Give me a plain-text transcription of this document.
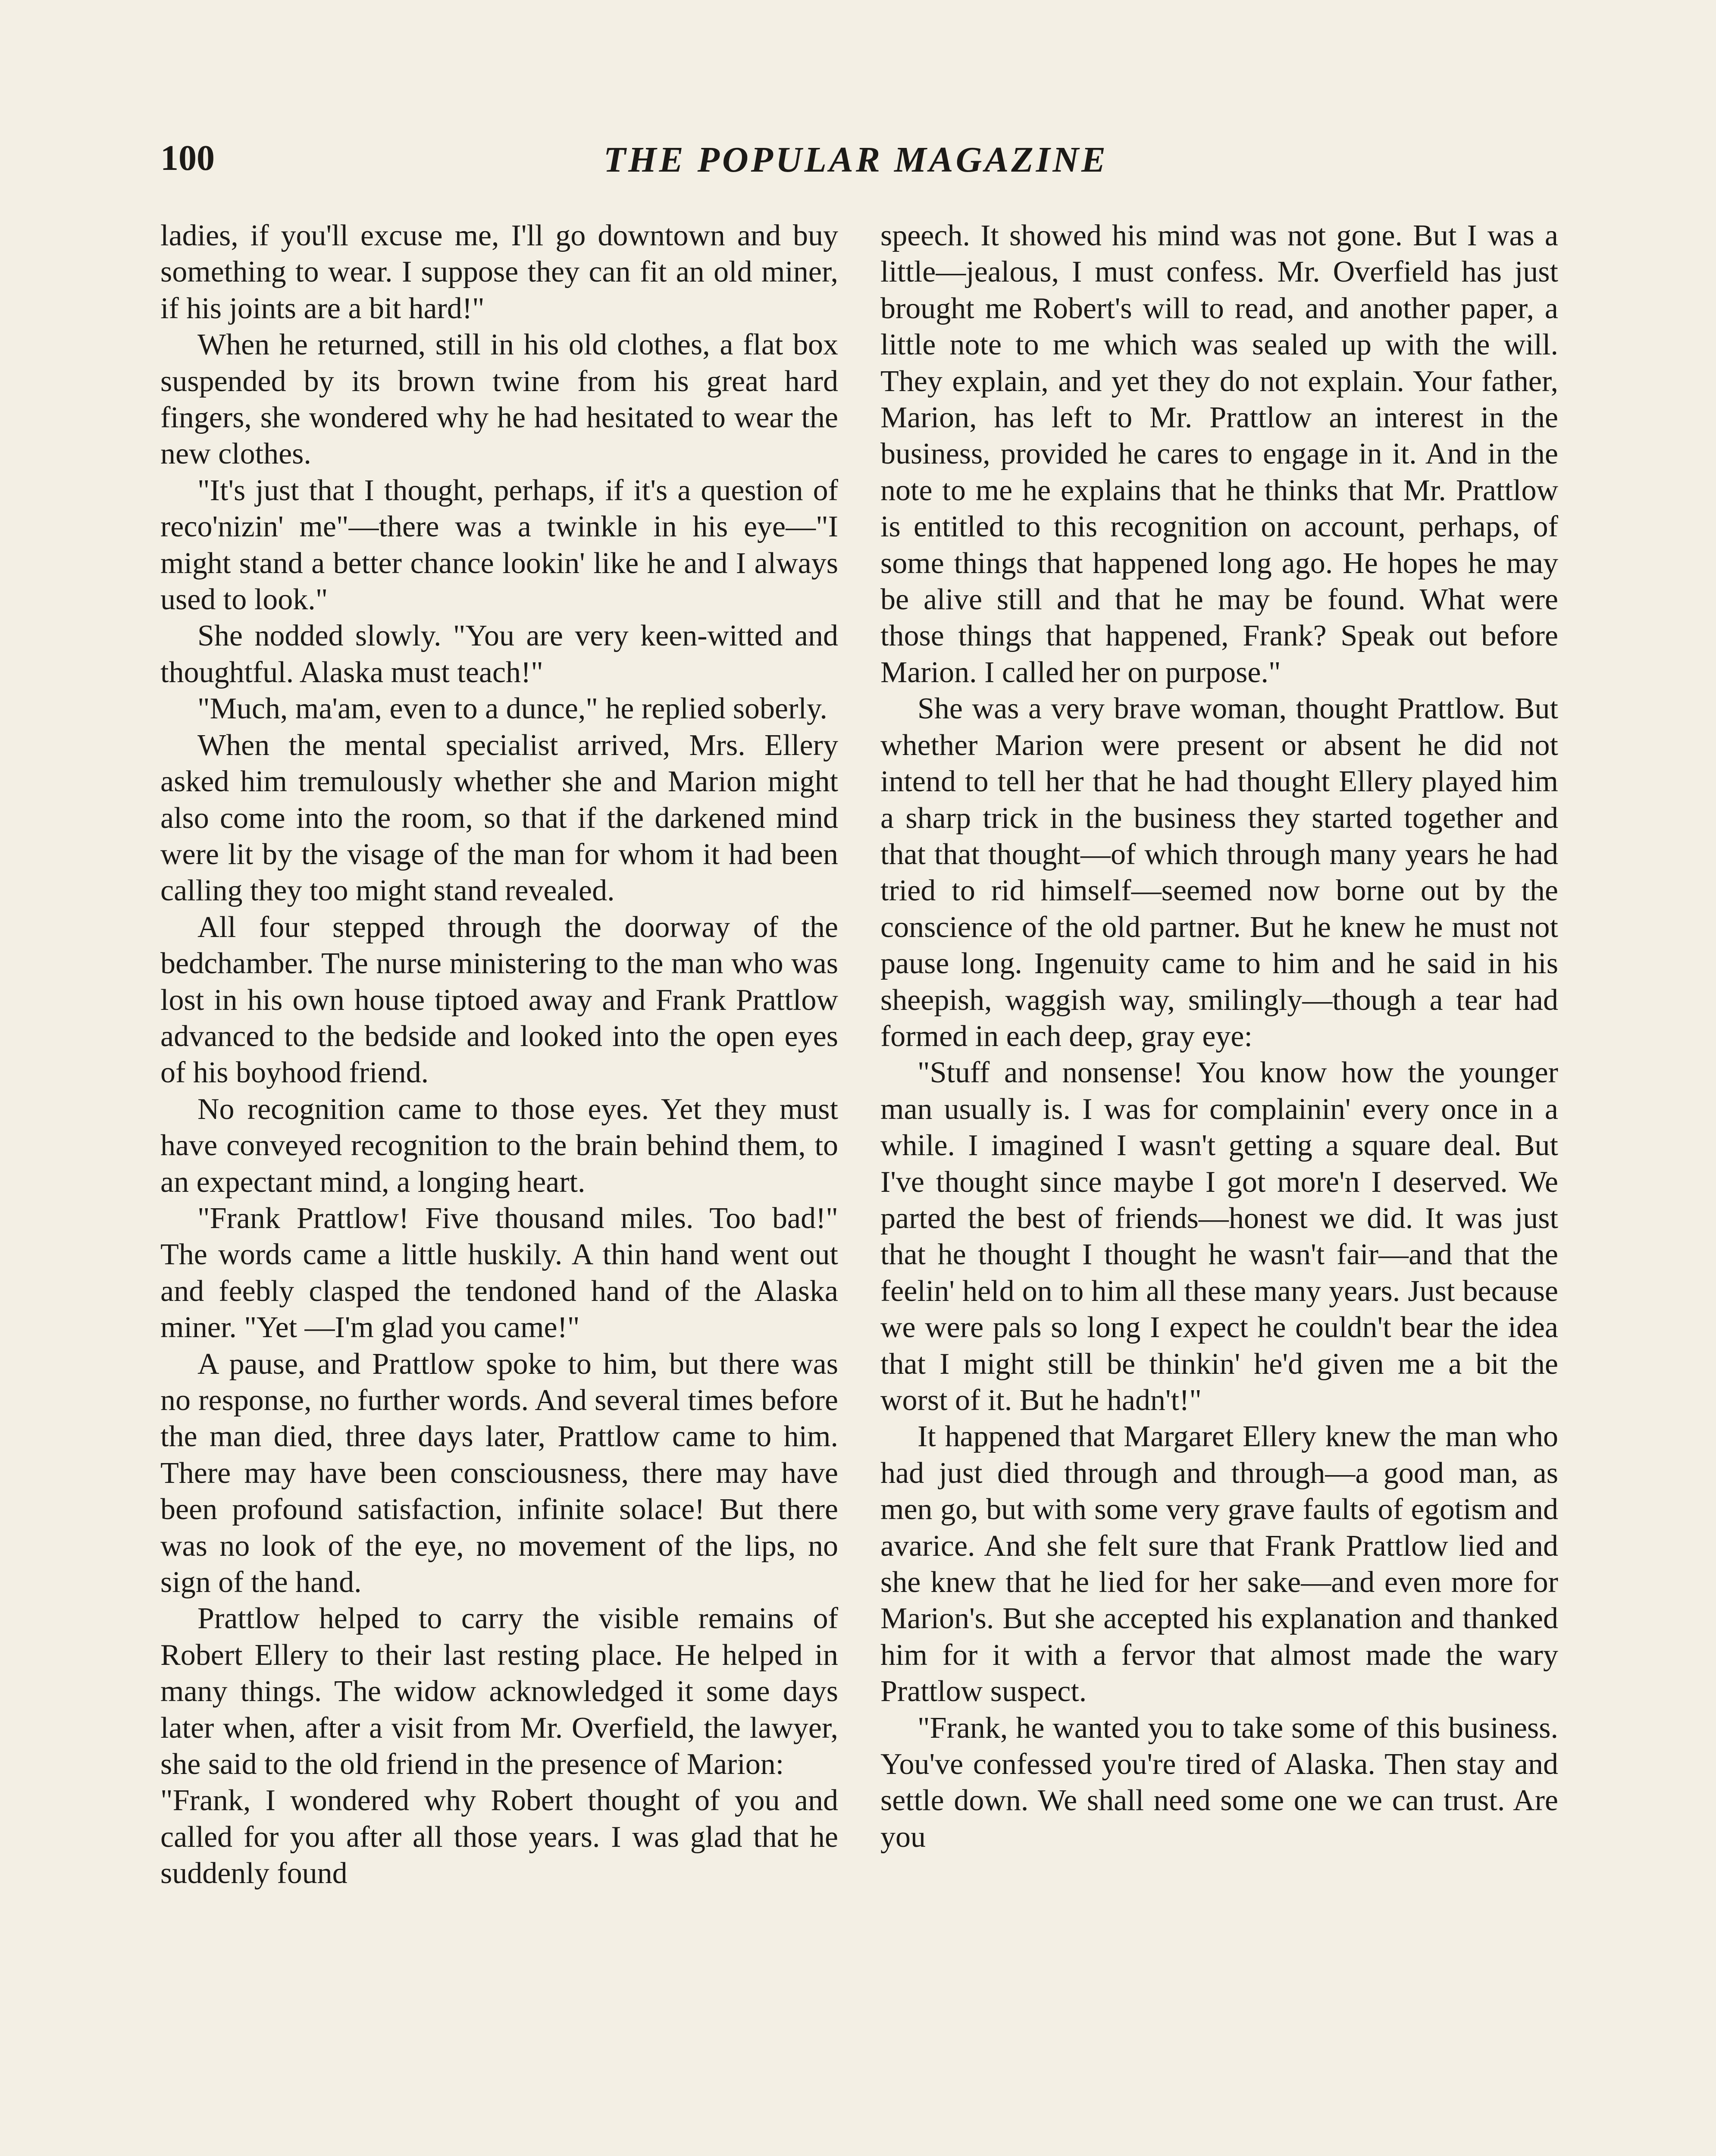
100	THE POPULAR MAGAZINE

ladies, if you'll excuse me, I'll go downtown and buy something to wear. I suppose they can fit an old miner, if his joints are a bit hard!"

When he returned, still in his old clothes, a flat box suspended by its brown twine from his great hard fingers, she wondered why he had hesitated to wear the new clothes.

"It's just that I thought, perhaps, if it's a question of reco'nizin' me"—there was a twinkle in his eye—"I might stand a better chance lookin' like he and I always used to look."

She nodded slowly. "You are very keen-witted and thoughtful. Alaska must teach!"

"Much, ma'am, even to a dunce," he replied soberly.

When the mental specialist arrived, Mrs. Ellery asked him tremulously whether she and Marion might also come into the room, so that if the darkened mind were lit by the visage of the man for whom it had been calling they too might stand revealed.

All four stepped through the doorway of the bedchamber. The nurse ministering to the man who was lost in his own house tiptoed away and Frank Prattlow advanced to the bedside and looked into the open eyes of his boyhood friend.

No recognition came to those eyes. Yet they must have conveyed recognition to the brain behind them, to an expectant mind, a longing heart.

"Frank Prattlow! Five thousand miles. Too bad!" The words came a little huskily. A thin hand went out and feebly clasped the tendoned hand of the Alaska miner. "Yet —I'm glad you came!"

A pause, and Prattlow spoke to him, but there was no response, no further words. And several times before the man died, three days later, Prattlow came to him. There may have been consciousness, there may have been profound satisfaction, infinite solace! But there was no look of the eye, no movement of the lips, no sign of the hand.

Prattlow helped to carry the visible remains of Robert Ellery to their last resting place. He helped in many things. The widow acknowledged it some days later when, after a visit from Mr. Overfield, the lawyer, she said to the old friend in the presence of Marion:

"Frank, I wondered why Robert thought of you and called for you after all those years. I was glad that he suddenly found

speech. It showed his mind was not gone. But I was a little—jealous, I must confess. Mr. Overfield has just brought me Robert's will to read, and another paper, a little note to me which was sealed up with the will. They explain, and yet they do not explain. Your father, Marion, has left to Mr. Prattlow an interest in the business, provided he cares to engage in it. And in the note to me he explains that he thinks that Mr. Prattlow is entitled to this recognition on account, perhaps, of some things that happened long ago. He hopes he may be alive still and that he may be found. What were those things that happened, Frank? Speak out before Marion. I called her on purpose."

She was a very brave woman, thought Prattlow. But whether Marion were present or absent he did not intend to tell her that he had thought Ellery played him a sharp trick in the business they started together and that that thought—of which through many years he had tried to rid himself—seemed now borne out by the conscience of the old partner. But he knew he must not pause long. Ingenuity came to him and he said in his sheepish, waggish way, smilingly—though a tear had formed in each deep, gray eye:

"Stuff and nonsense! You know how the younger man usually is. I was for complainin' every once in a while. I imagined I wasn't getting a square deal. But I've thought since maybe I got more'n I deserved. We parted the best of friends—honest we did. It was just that he thought I thought he wasn't fair—and that the feelin' held on to him all these many years. Just because we were pals so long I expect he couldn't bear the idea that I might still be thinkin' he'd given me a bit the worst of it. But he hadn't!"

It happened that Margaret Ellery knew the man who had just died through and through—a good man, as men go, but with some very grave faults of egotism and avarice. And she felt sure that Frank Prattlow lied and she knew that he lied for her sake—and even more for Marion's. But she accepted his explanation and thanked him for it with a fervor that almost made the wary Prattlow suspect.

"Frank, he wanted you to take some of this business. You've confessed you're tired of Alaska. Then stay and settle down. We shall need some one we can trust. Are you
